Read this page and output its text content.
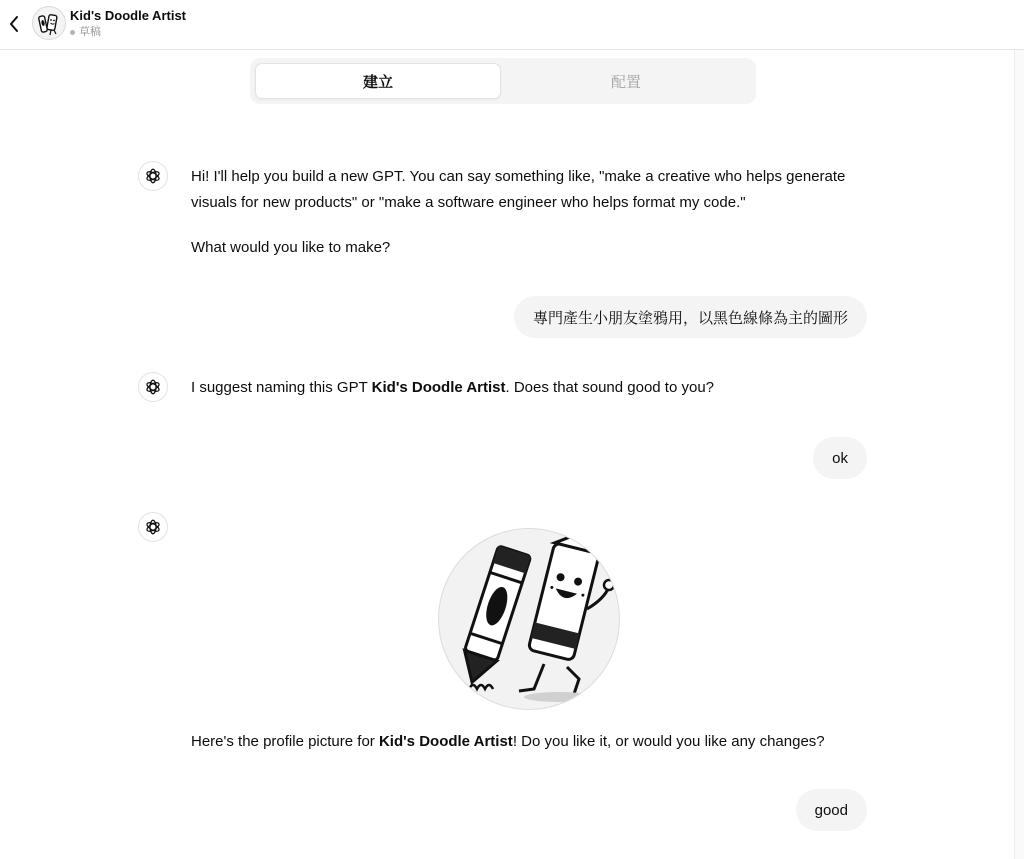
Kid's Doodle Artist
草稿
建立	配置
Hi! I'll help you build a new GPT. You can say something like, "make a creative who helps generate visuals for new products" or "make a software engineer who helps format my code."
What would you like to make?
專門產生小朋友塗鴉用，以黑色線條為主的圖形
I suggest naming this GPT Kid's Doodle Artist. Does that sound good to you?
ok
Here's the profile picture for Kid's Doodle Artist! Do you like it, or would you like any changes?
good
